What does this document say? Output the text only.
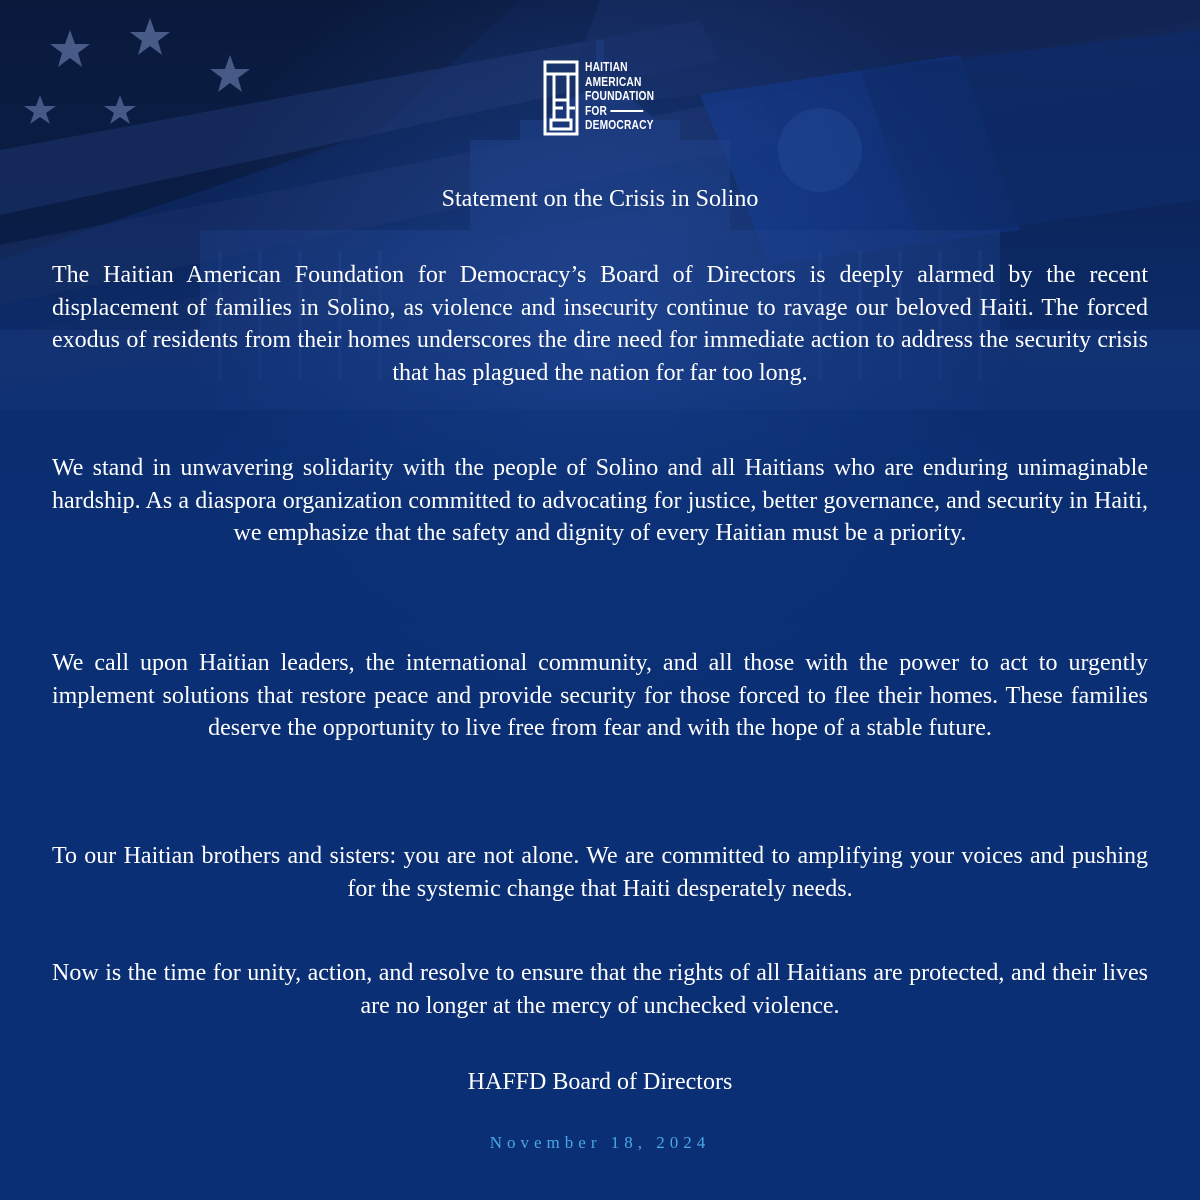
HAITIAN
AMERICAN
FOUNDATION
FOR
DEMOCRACY
Statement on the Crisis in Solino

The Haitian American Foundation for Democracy’s Board of Directors is deeply alarmed by the recent displacement of families in Solino, as violence and insecurity continue to ravage our beloved Haiti. The forced exodus of residents from their homes underscores the dire need for immediate action to address the security crisis that has plagued the nation for far too long.

We stand in unwavering solidarity with the people of Solino and all Haitians who are enduring unimaginable hardship. As a diaspora organization committed to advocating for justice, better governance, and security in Haiti, we emphasize that the safety and dignity of every Haitian must be a priority.

We call upon Haitian leaders, the international community, and all those with the power to act to urgently implement solutions that restore peace and provide security for those forced to flee their homes. These families deserve the opportunity to live free from fear and with the hope of a stable future.

To our Haitian brothers and sisters: you are not alone. We are committed to amplifying your voices and pushing for the systemic change that Haiti desperately needs.

Now is the time for unity, action, and resolve to ensure that the rights of all Haitians are protected, and their lives are no longer at the mercy of unchecked violence.

HAFFD Board of Directors
November 18, 2024
